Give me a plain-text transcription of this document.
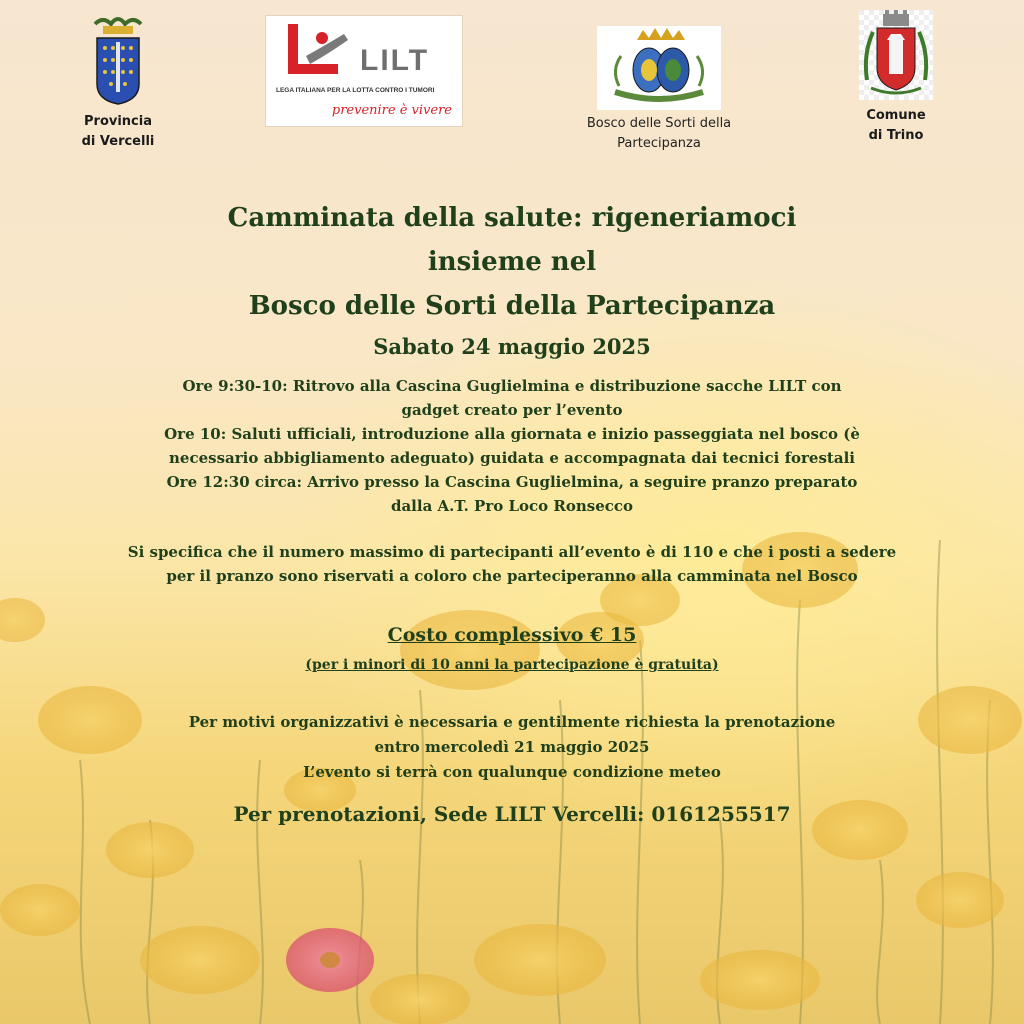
Provincia
di Vercelli
LILT
LEGA ITALIANA PER LA LOTTA CONTRO I TUMORI
prevenire è vivere
Bosco delle Sorti della
Partecipanza
Comune
di Trino
Camminata della salute: rigeneriamoci
insieme nel
Bosco delle Sorti della Partecipanza
Sabato 24 maggio 2025
Ore 9:30-10: Ritrovo alla Cascina Guglielmina e distribuzione sacche LILT con
gadget creato per l’evento
Ore 10: Saluti ufficiali, introduzione alla giornata e inizio passeggiata nel bosco (è
necessario abbigliamento adeguato) guidata e accompagnata dai tecnici forestali
Ore 12:30 circa: Arrivo presso la Cascina Guglielmina, a seguire pranzo preparato
dalla A.T. Pro Loco Ronsecco
Si specifica che il numero massimo di partecipanti all’evento è di 110 e che i posti a sedere
per il pranzo sono riservati a coloro che parteciperanno alla camminata nel Bosco
Costo complessivo € 15
(per i minori di 10 anni la partecipazione è gratuita)
Per motivi organizzativi è necessaria e gentilmente richiesta la prenotazione
entro mercoledì 21 maggio 2025
L’evento si terrà con qualunque condizione meteo
Per prenotazioni, Sede LILT Vercelli: 0161255517
